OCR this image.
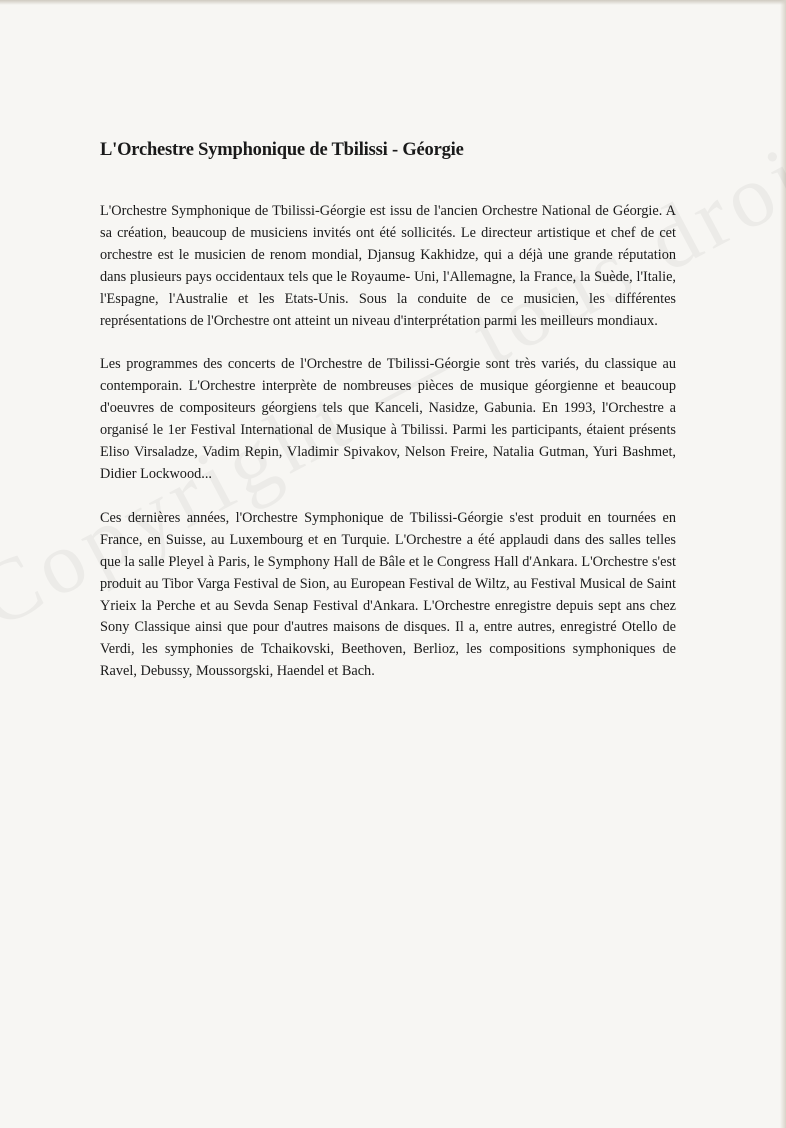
L'Orchestre Symphonique de Tbilissi - Géorgie

L'Orchestre Symphonique de Tbilissi-Géorgie est issu de l'ancien Orchestre National de Géorgie. A sa création, beaucoup de musiciens invités ont été sollicités. Le directeur artistique et chef de cet orchestre est le musicien de renom mondial, Djansug Kakhidze, qui a déjà une grande réputation dans plusieurs pays occidentaux tels que le Royaume- Uni, l'Allemagne, la France, la Suède, l'Italie, l'Espagne, l'Australie et les Etats-Unis. Sous la conduite de ce musicien, les différentes représentations de l'Orchestre ont atteint un niveau d'interprétation parmi les meilleurs mondiaux.

Les programmes des concerts de l'Orchestre de Tbilissi-Géorgie sont très variés, du classique au contemporain. L'Orchestre interprète de nombreuses pièces de musique géorgienne et beaucoup d'oeuvres de compositeurs géorgiens tels que Kanceli, Nasidze, Gabunia. En 1993, l'Orchestre a organisé le 1er Festival International de Musique à Tbilissi. Parmi les participants, étaient présents Eliso Virsaladze, Vadim Repin, Vladimir Spivakov, Nelson Freire, Natalia Gutman, Yuri Bashmet, Didier Lockwood...

Ces dernières années, l'Orchestre Symphonique de Tbilissi-Géorgie s'est produit en tournées en France, en Suisse, au Luxembourg et en Turquie. L'Orchestre a été applaudi dans des salles telles que la salle Pleyel à Paris, le Symphony Hall de Bâle et le Congress Hall d'Ankara. L'Orchestre s'est produit au Tibor Varga Festival de Sion, au European Festival de Wiltz, au Festival Musical de Saint Yrieix la Perche et au Sevda Senap Festival d'Ankara. L'Orchestre enregistre depuis sept ans chez Sony Classique ainsi que pour d'autres maisons de disques. Il a, entre autres, enregistré Otello de Verdi, les symphonies de Tchaikovski, Beethoven, Berlioz, les compositions symphoniques de Ravel, Debussy, Moussorgski, Haendel et Bach.
